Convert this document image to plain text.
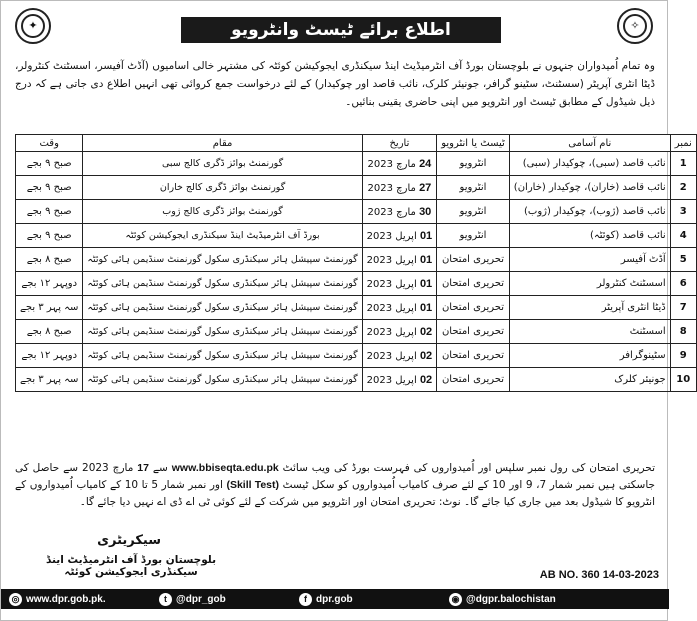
✦	اطلاع برائے ٹیسٹ وانٹرویو	✧
وہ تمام اُمیدواران جنہوں نے بلوچستان بورڈ آف انٹرمیڈیٹ اینڈ سیکنڈری ایجوکیشن کوئٹہ کی مشتہر خالی اسامیوں (آڈٹ آفیسر، اسسٹنٹ کنٹرولر، ڈیٹا انٹری آپریٹر (سسٹنٹ، سٹینو گرافر، جونیئر کلرک، نائب قاصد اور چوکیدار) کے لئے درخواست جمع کروائی تھی انہیں اطلاع دی جاتی ہے کہ درج ذیل شیڈول کے مطابق ٹیسٹ اور انٹرویو میں اپنی حاضری یقینی بنائیں۔
نمبر	نام آسامی	ٹیسٹ یا انٹرویو	تاریخ	مقام	وقت
1	نائب قاصد (سبی)، چوکیدار (سبی)	انٹرویو	24 مارچ 2023	گورنمنٹ بوائز ڈگری کالج سبی	صبح ۹ بجے
2	نائب قاصد (خاران)، چوکیدار (خاران)	انٹرویو	27 مارچ 2023	گورنمنٹ بوائز ڈگری کالج خاران	صبح ۹ بجے
3	نائب قاصد (ژوب)، چوکیدار (ژوب)	انٹرویو	30 مارچ 2023	گورنمنٹ بوائز ڈگری کالج ژوب	صبح ۹ بجے
4	نائب قاصد (کوئٹہ)	انٹرویو	01 اپریل 2023	بورڈ آف انٹرمیڈیٹ اینڈ سیکنڈری ایجوکیشن کوئٹہ	صبح ۹ بجے
5	آڈٹ آفیسر	تحریری امتحان	01 اپریل 2023	گورنمنٹ سپیشل ہائر سیکنڈری سکول گورنمنٹ سنڈیمن ہائی کوئٹہ	صبح ۸ بجے
6	اسسٹنٹ کنٹرولر	تحریری امتحان	01 اپریل 2023	گورنمنٹ سپیشل ہائر سیکنڈری سکول گورنمنٹ سنڈیمن ہائی کوئٹہ	دوپہر ۱۲ بجے
7	ڈیٹا انٹری آپریٹر	تحریری امتحان	01 اپریل 2023	گورنمنٹ سپیشل ہائر سیکنڈری سکول گورنمنٹ سنڈیمن ہائی کوئٹہ	سہ پہر ۳ بجے
8	اسسٹنٹ	تحریری امتحان	02 اپریل 2023	گورنمنٹ سپیشل ہائر سیکنڈری سکول گورنمنٹ سنڈیمن ہائی کوئٹہ	صبح ۸ بجے
9	سٹینوگرافر	تحریری امتحان	02 اپریل 2023	گورنمنٹ سپیشل ہائر سیکنڈری سکول گورنمنٹ سنڈیمن ہائی کوئٹہ	دوپہر ۱۲ بجے
10	جونیئر کلرک	تحریری امتحان	02 اپریل 2023	گورنمنٹ سپیشل ہائر سیکنڈری سکول گورنمنٹ سنڈیمن ہائی کوئٹہ	سہ پہر ۳ بجے
تحریری امتحان کی رول نمبر سلپس اور اُمیدواروں کی فہرست بورڈ کی ویب سائٹ www.bbiseqta.edu.pk سے 17 مارچ 2023 سے حاصل کی جاسکتی ہیں نمبر شمار 7، 9 اور 10 کے لئے صرف کامیاب اُمیدواروں کو سکل ٹیسٹ (Skill Test) اور نمبر شمار 5 تا 10 کے کامیاب اُمیدواروں کے انٹرویو کا شیڈول بعد میں جاری کیا جائے گا۔ نوٹ: تحریری امتحان اور انٹرویو میں شرکت کے لئے کوئی ٹی اے ڈی اے نہیں دیا جائے گا۔
سیکریٹری
بلوچستان بورڈ آف انٹرمیڈیٹ اینڈ سیکنڈری ایجوکیشن کوئٹہ	AB NO. 360 14-03-2023
◎ www.dpr.gob.pk.	t @dpr_gob	f dpr.gob	◉ @dgpr.balochistan
